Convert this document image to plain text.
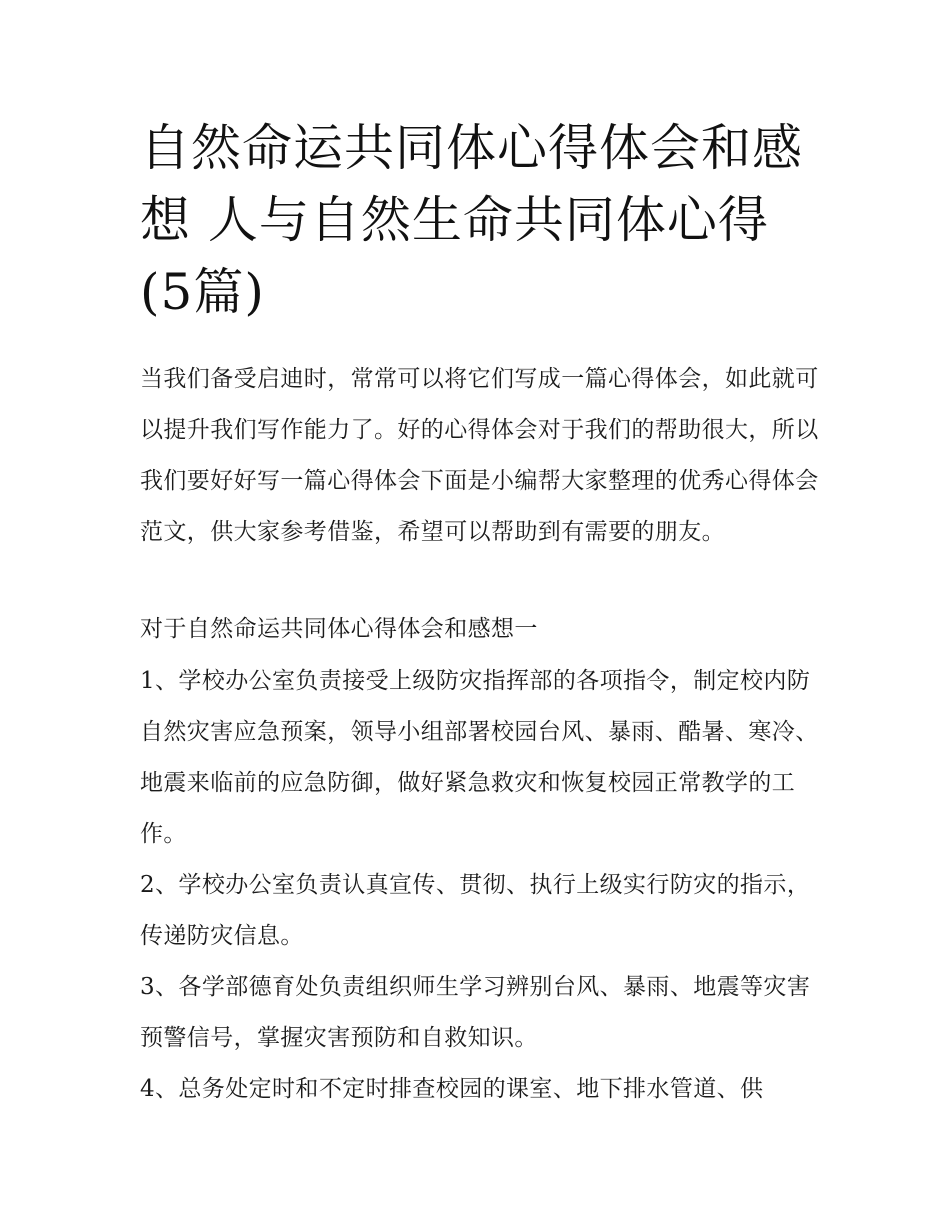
自然命运共同体心得体会和感想 人与自然生命共同体心得(5篇)

当我们备受启迪时，常常可以将它们写成一篇心得体会，如此就可以提升我们写作能力了。好的心得体会对于我们的帮助很大，所以我们要好好写一篇心得体会下面是小编帮大家整理的优秀心得体会范文，供大家参考借鉴，希望可以帮助到有需要的朋友。

对于自然命运共同体心得体会和感想一

1、学校办公室负责接受上级防灾指挥部的各项指令，制定校内防自然灾害应急预案，领导小组部署校园台风、暴雨、酷暑、寒冷、地震来临前的应急防御，做好紧急救灾和恢复校园正常教学的工作。

2、学校办公室负责认真宣传、贯彻、执行上级实行防灾的指示，传递防灾信息。

3、各学部德育处负责组织师生学习辨别台风、暴雨、地震等灾害预警信号，掌握灾害预防和自救知识。

4、总务处定时和不定时排查校园的课室、地下排水管道、供
